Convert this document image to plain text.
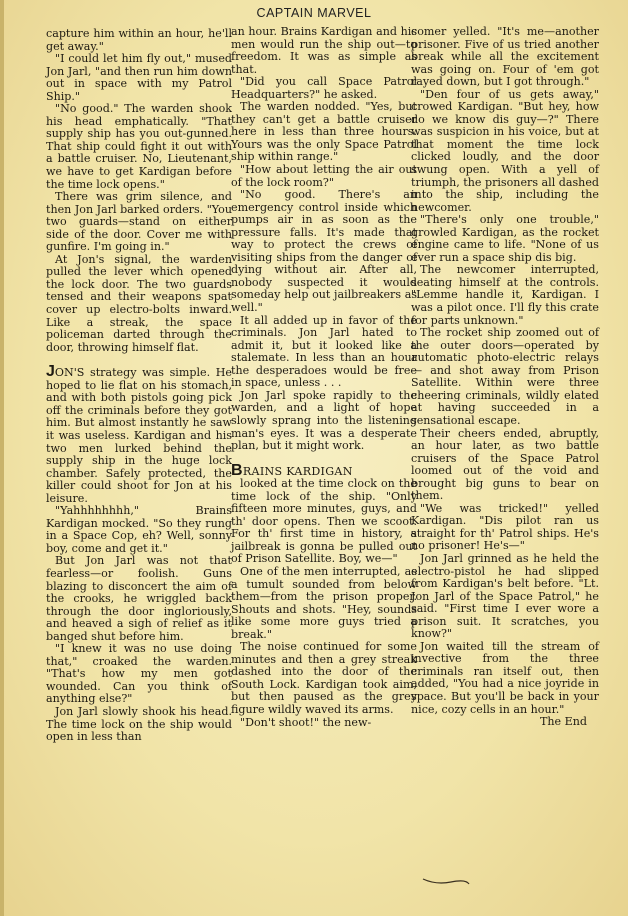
CAPTAIN MARVEL

capture him within an hour, he'll get away."

"I could let him fly out," mused Jon Jarl, "and then run him down out in space with my Patrol Ship."

"No good." The warden shook his head emphatically. "That supply ship has you out-gunned. That ship could fight it out with a battle cruiser. No, Lieutenant, we have to get Kardigan before the time lock opens."

There was grim silence, and then Jon Jarl barked orders. "You two guards—stand on either side of the door. Cover me with gunfire. I'm going in."

At Jon's signal, the warden pulled the lever which opened the lock door. The two guards tensed and their weapons spat cover up electro-bolts inward. Like a streak, the space policeman darted through the door, throwing himself flat.

JON'S strategy was simple. He hoped to lie flat on his stomach, and with both pistols going pick off the criminals before they got him. But almost instantly he saw it was useless. Kardigan and his two men lurked behind the supply ship in the huge lock chamber. Safely protected, the killer could shoot for Jon at his leisure.

"Yahhhhhhhh," Brains Kardigan mocked. "So they rung in a Space Cop, eh? Well, sonny boy, come and get it."

But Jon Jarl was not that fearless—or foolish. Guns blazing to disconcert the aim of the crooks, he wriggled back through the door ingloriously, and heaved a sigh of relief as it banged shut before him.

"I knew it was no use doing that," croaked the warden. "That's how my men got wounded. Can you think of anything else?"

Jon Jarl slowly shook his head. The time lock on the ship would open in less than

an hour. Brains Kardigan and his men would run the ship out—to freedom. It was as simple as that.

"Did you call Space Patrol Headquarters?" he asked.

The warden nodded. "Yes, but they can't get a battle cruiser here in less than three hours. Yours was the only Space Patrol ship within range."

"How about letting the air out of the lock room?"

"No good. There's an emergency control inside which pumps air in as soon as the pressure falls. It's made that way to protect the crews of visiting ships from the danger of dying without air. After all, nobody suspected it would someday help out jailbreakers as well."

It all added up in favor of the criminals. Jon Jarl hated to admit it, but it looked like a stalemate. In less than an hour the desperadoes would be free in space, unless . . .

Jon Jarl spoke rapidly to the warden, and a light of hope slowly sprang into the listening man's eyes. It was a desperate plan, but it might work.

BRAINS KARDIGAN

looked at the time clock on the time lock of the ship. "Only fifteen more minutes, guys, and th' door opens. Then we scoot. For th' first time in history, a jailbreak is gonna be pulled out of Prison Satellite. Boy, we—"

One of the men interrupted, as a tumult sounded from below them—from the prison proper. Shouts and shots. "Hey, sounds like some more guys tried a break."

The noise continued for some minutes and then a grey streak dashed into the door of the South Lock. Kardigan took aim, but then paused as the grey figure wildly waved its arms.

"Don't shoot!" the new-

comer yelled. "It's me—another prisoner. Five of us tried another break while all the excitement was going on. Four of 'em got rayed down, but I got through."

"Den four of us gets away," crowed Kardigan. "But hey, how do we know dis guy—?" There was suspicion in his voice, but at that moment the time lock clicked loudly, and the door swung open. With a yell of triumph, the prisoners all dashed into the ship, including the newcomer.

"There's only one trouble," growled Kardigan, as the rocket engine came to life. "None of us ever run a space ship dis big.

The newcomer interrupted, seating himself at the controls. "Lemme handle it, Kardigan. I was a pilot once. I'll fly this crate for parts unknown."

The rocket ship zoomed out of the outer doors—operated by automatic photo-electric relays — and shot away from Prison Satellite. Within were three cheering criminals, wildly elated at having succeeded in a sensational escape.

Their cheers ended, abruptly, an hour later, as two battle cruisers of the Space Patrol loomed out of the void and brought big guns to bear on them.

"We was tricked!" yelled Kardigan. "Dis pilot ran us straight for th' Patrol ships. He's no prisoner! He's—"

Jon Jarl grinned as he held the electro-pistol he had slipped from Kardigan's belt before. "Lt. Jon Jarl of the Space Patrol," he said. "First time I ever wore a prison suit. It scratches, you know?"

Jon waited till the stream of invective from the three criminals ran itself out, then added, "You had a nice joyride in space. But you'll be back in your nice, cozy cells in an hour."

The End
